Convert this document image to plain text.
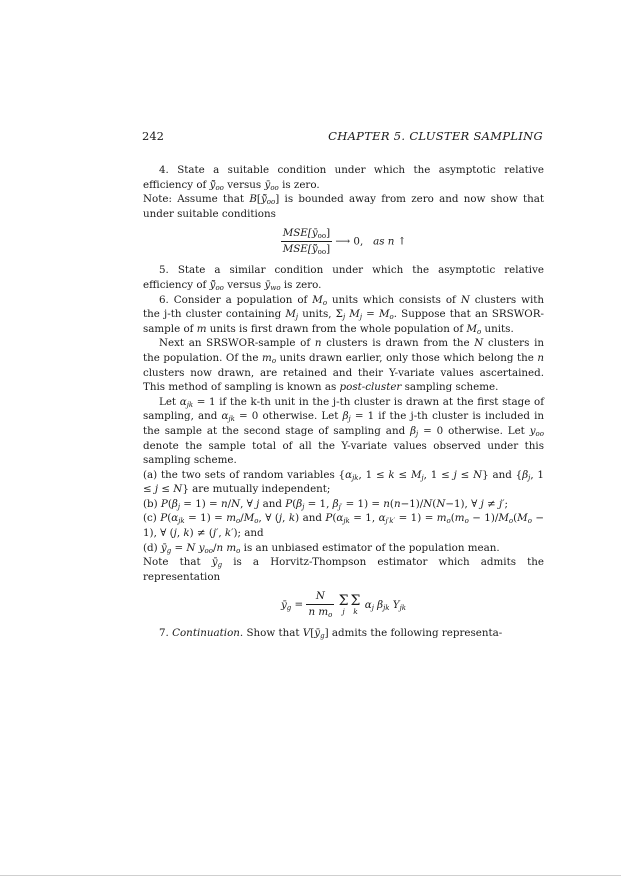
242	CHAPTER 5. CLUSTER SAMPLING

4. State a suitable condition under which the asymptotic relative efficiency of $ȳ̃_{oo}$ versus $ȳ_{oo}$ is zero.

Note: Assume that $B[ȳ̃_{oo}]$ is bounded away from zero and now show that under suitable conditions

$\frac{MSE[ȳ_{oo}]}{MSE[ȳ_{oo}]}$ ⟶ 0, as n ↑

5. State a similar condition under which the asymptotic relative efficiency of $ȳ̃_{oo}$ versus $ȳ_{wo}$ is zero.

6. Consider a population of $M_o$ units which consists of N clusters with the j-th cluster containing $M_j$ units, $\Sigma_j$ $M_j = M_o$. Suppose that an SRSWOR-sample of m units is first drawn from the whole population of $M_o$ units.

Next an SRSWOR-sample of n clusters is drawn from the N clusters in the population. Of the $m_o$ units drawn earlier, only those which belong the n clusters now drawn, are retained and their Y-variate values ascertained. This method of sampling is known as post-cluster sampling scheme.

Let $\alpha_{jk} = 1$ if the k-th unit in the j-th cluster is drawn at the first stage of sampling, and $\alpha_{jk} = 0$ otherwise. Let $\beta_j = 1$ if the j-th cluster is included in the sample at the second stage of sampling and $\beta_j = 0$ otherwise. Let $y_{oo}$ denote the sample total of all the Y-variate values observed under this sampling scheme.

(a) the two sets of random variables {$\alpha_{jk}$, $1 \le k \le M_j$, 1 ≤ j ≤ N} and {$\beta_j$, 1 ≤ j ≤ N} are mutually independent;

(b) $P(\beta_j = 1) = n/N$, ∀ j and $P(\beta_j = 1$, $\beta_{j'} = 1) = n(n-1)/N(N-1)$, ∀ j ≠ j′;

(c) $P(\alpha_{jk} = 1) = m_o/M_o$, ∀ (j, k) and $P(\alpha_{jk} = 1$, $\alpha_{j'k'} = 1) = m_o(m_o - 1)/M_o(M_o - 1)$, ∀ (j, k) ≠ (j′, k′); and

(d) $ȳ_g = N$ $y_{oo}/n$ $m_o$ is an unbiased estimator of the population mean.

Note that $ȳ_g$ is a Horvitz-Thompson estimator which admits the representation

$ȳ_g = \frac{N}{n m_o}$
Σ
j
Σ
k
$\alpha_j$ $\beta_{jk}$ $Y_{jk}$

7. Continuation. Show that $V[ȳ_g]$ admits the following representa-
